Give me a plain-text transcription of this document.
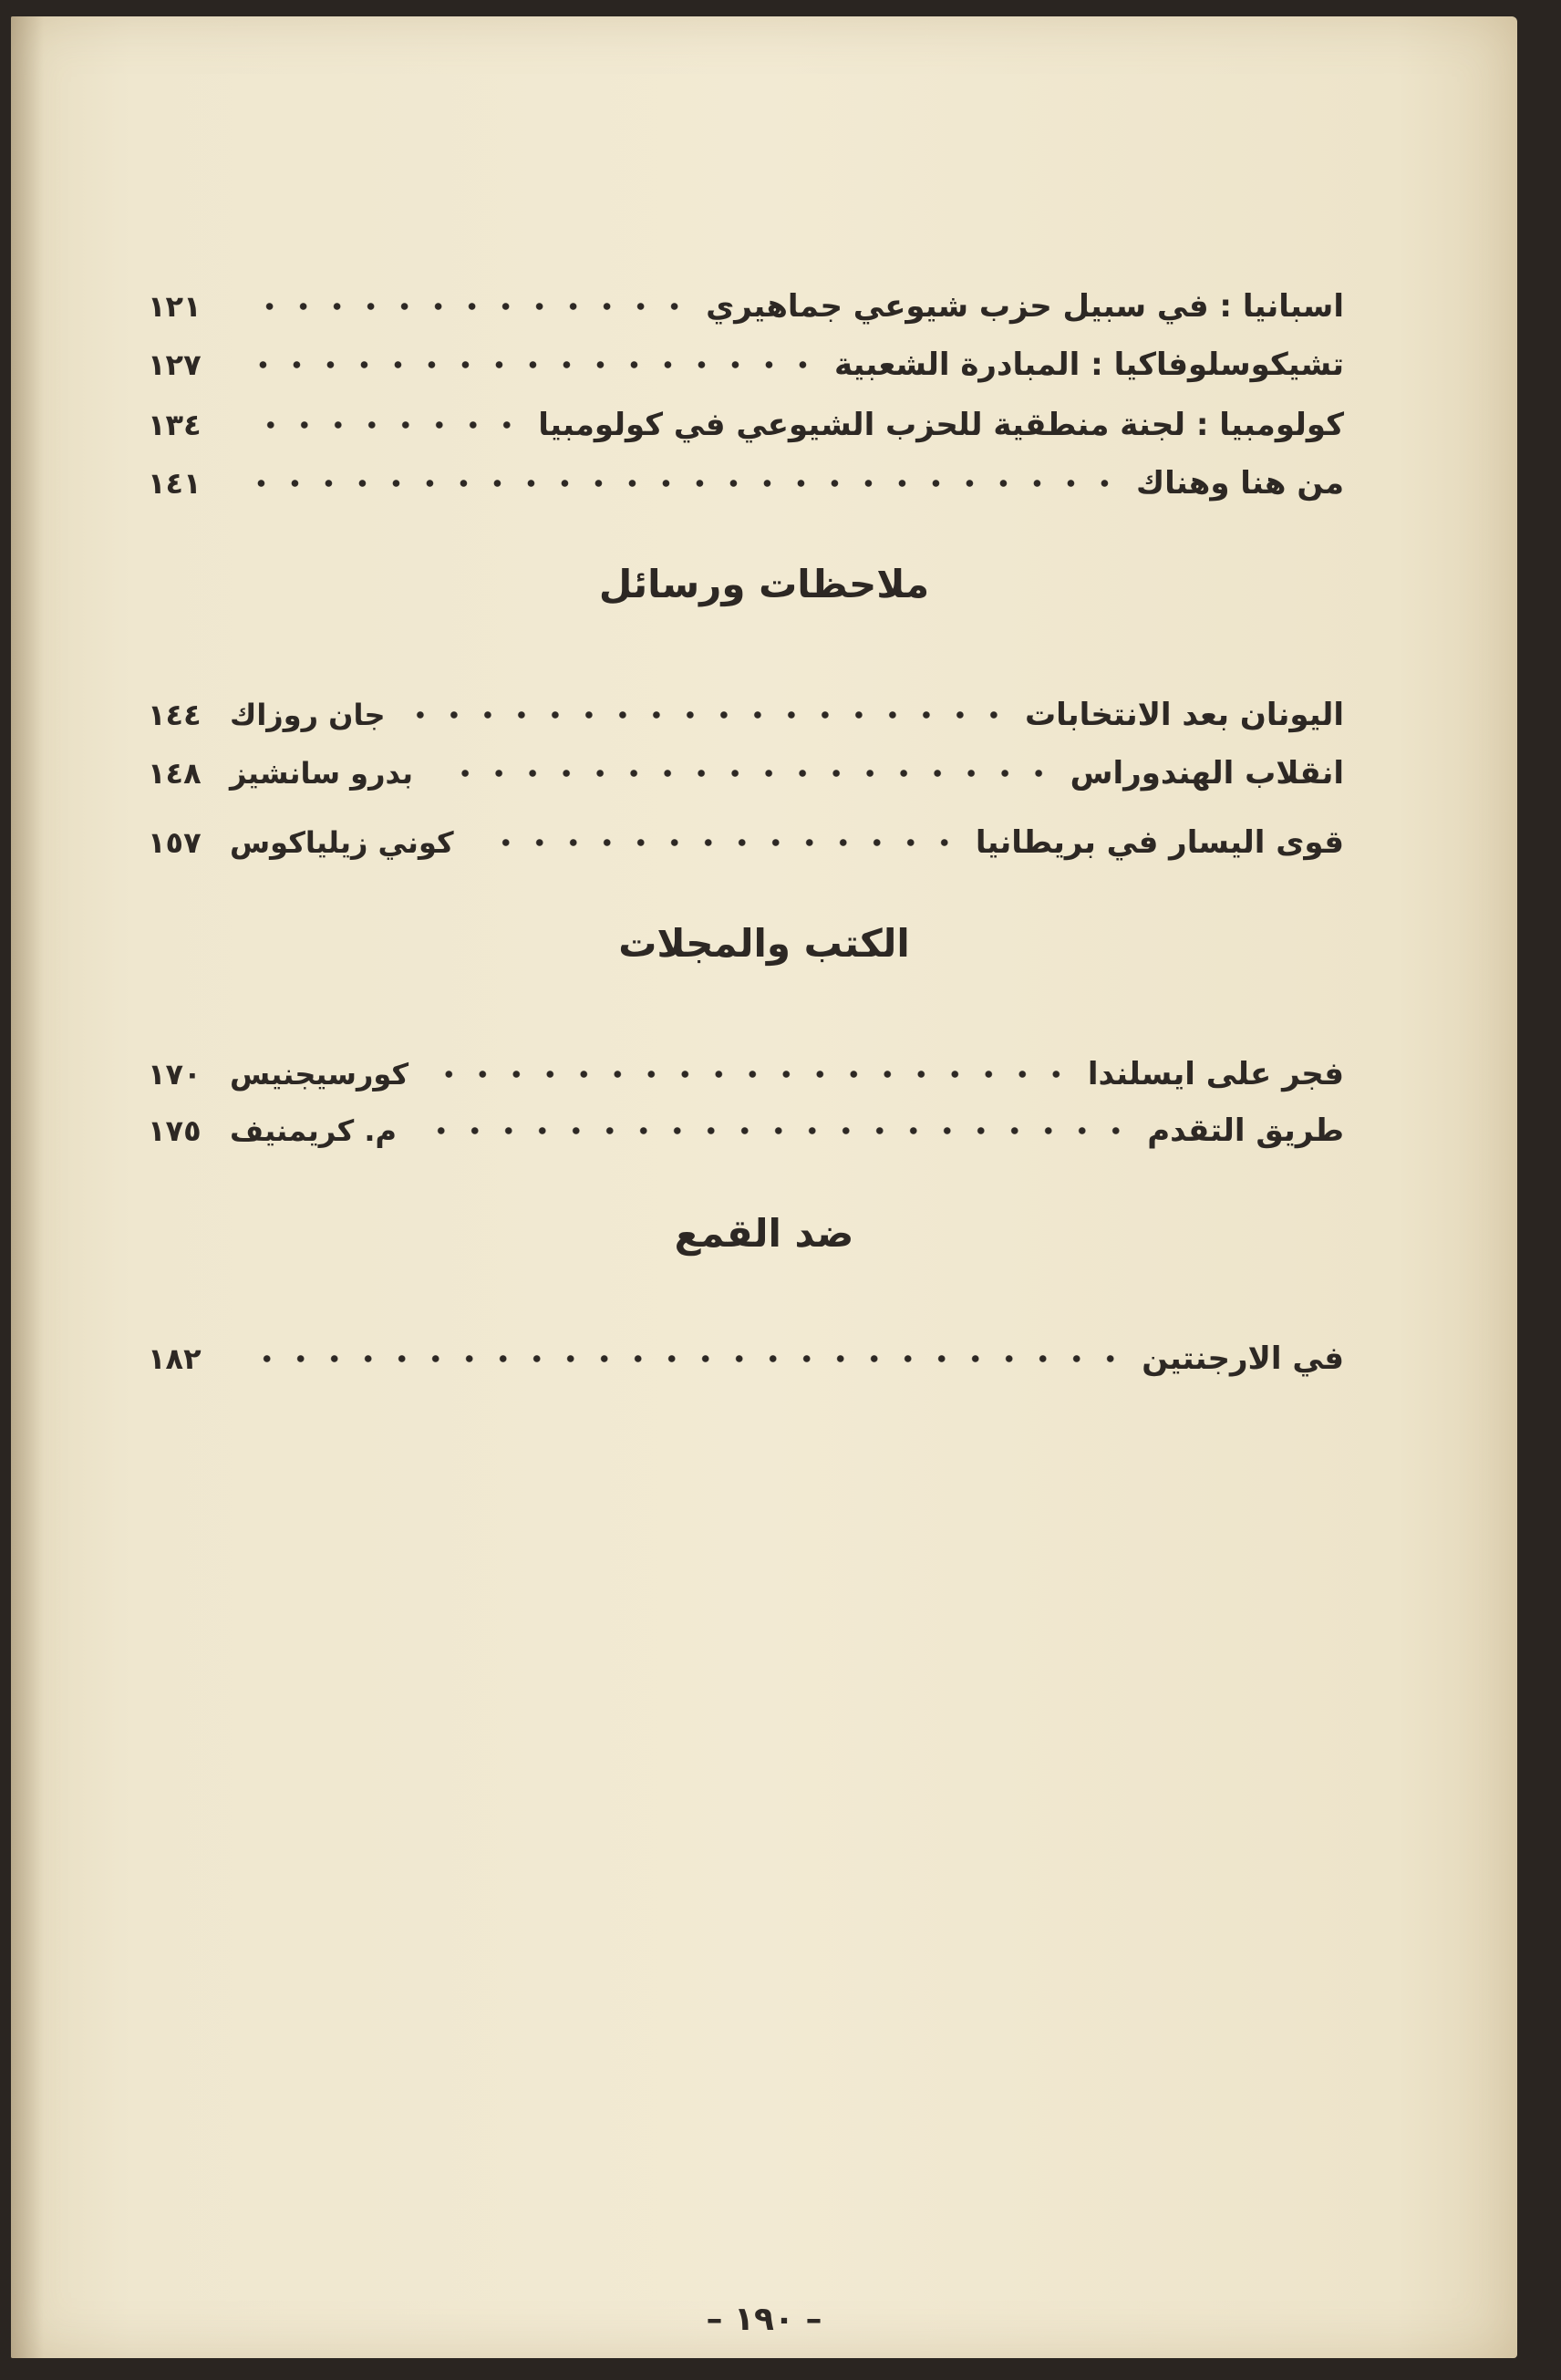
اسبانيا : في سبيل حزب شيوعي جماهيري
١٢١
تشيكوسلوفاكيا : المبادرة الشعبية
١٢٧
كولومبيا : لجنة منطقية للحزب الشيوعي في كولومبيا
١٣٤
من هنا وهناك
١٤١
ملاحظات ورسائل
اليونان بعد الانتخابات
جان روزاك
١٤٤
انقلاب الهندوراس
بدرو سانشيز
١٤٨
قوى اليسار في بريطانيا
كوني زيلياكوس
١٥٧
الكتب والمجلات
فجر على ايسلندا
كورسيجنيس
١٧٠
طريق التقدم
م. كريمنيف
١٧٥
ضد القمع
في الارجنتين
١٨٢
– ١٩٠ –
